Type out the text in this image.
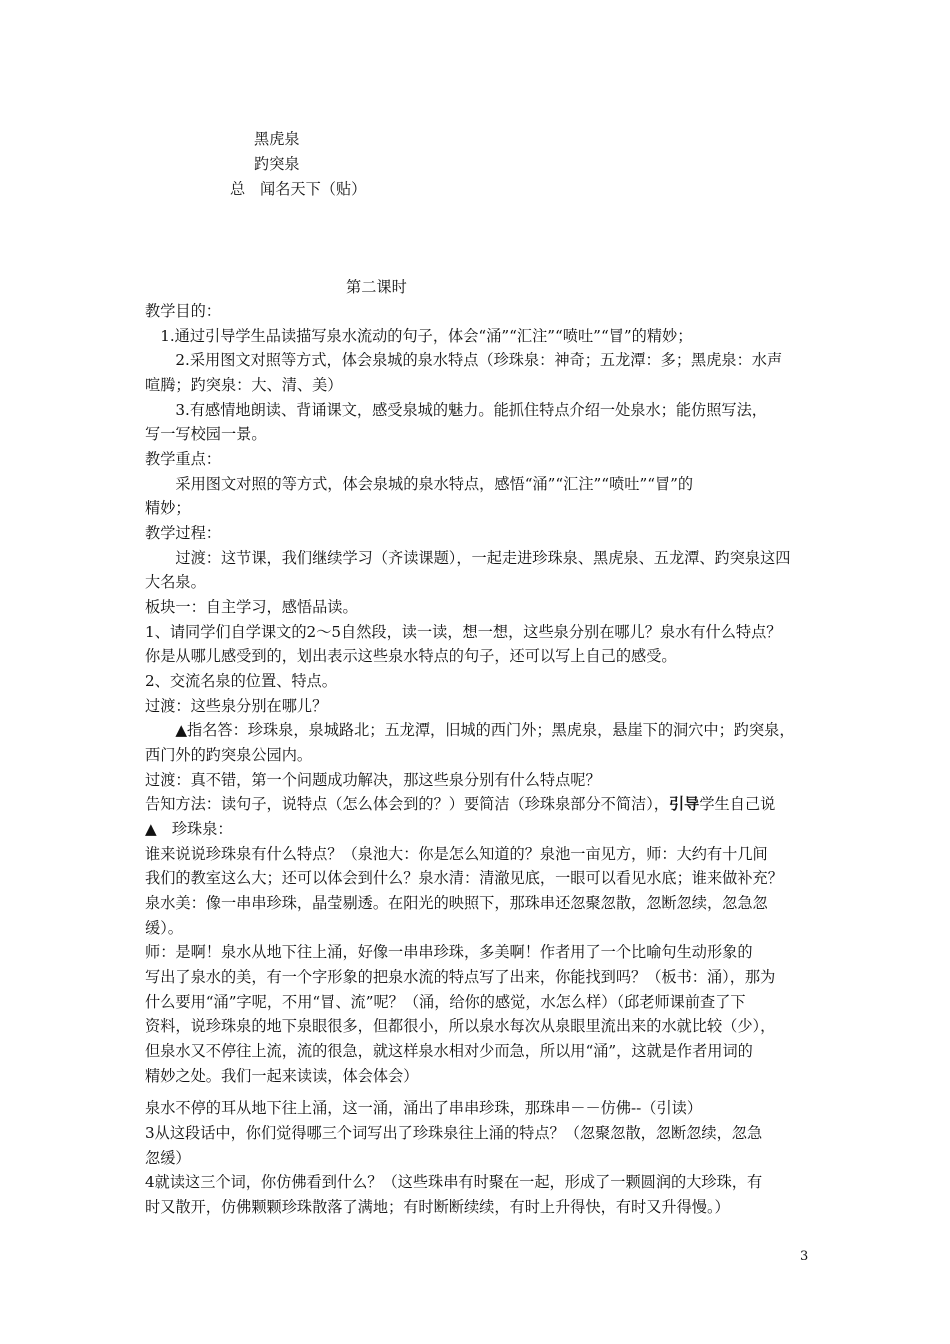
黑虎泉
趵突泉
总 闻名天下（贴）
第二课时
教学目的：
　1.通过引导学生品读描写泉水流动的句子，体会“涌”“汇注”“喷吐”“冒”的精妙；
　　2.采用图文对照等方式，体会泉城的泉水特点（珍珠泉：神奇；五龙潭：多；黑虎泉：水声
喧腾；趵突泉：大、清、美）
　　3.有感情地朗读、背诵课文，感受泉城的魅力。能抓住特点介绍一处泉水；能仿照写法，
写一写校园一景。
教学重点：
　　采用图文对照的等方式，体会泉城的泉水特点，感悟“涌”“汇注”“喷吐”“冒”的
精妙；
教学过程：
　　过渡：这节课，我们继续学习（齐读课题），一起走进珍珠泉、黑虎泉、五龙潭、趵突泉这四
大名泉。
板块一：自主学习，感悟品读。
1、请同学们自学课文的2～5自然段，读一读，想一想，这些泉分别在哪儿？泉水有什么特点？
你是从哪儿感受到的，划出表示这些泉水特点的句子，还可以写上自己的感受。
2、交流名泉的位置、特点。
过渡：这些泉分别在哪儿？
　　▲指名答：珍珠泉，泉城路北；五龙潭，旧城的西门外；黑虎泉，悬崖下的洞穴中；趵突泉，
西门外的趵突泉公园内。
过渡：真不错，第一个问题成功解决，那这些泉分别有什么特点呢？
告知方法：读句子，说特点（怎么体会到的？）要简洁（珍珠泉部分不简洁），引导学生自己说
▲　珍珠泉：
谁来说说珍珠泉有什么特点？（泉池大：你是怎么知道的？泉池一亩见方，师：大约有十几间
我们的教室这么大；还可以体会到什么？泉水清：清澈见底，一眼可以看见水底；谁来做补充？
泉水美：像一串串珍珠，晶莹剔透。在阳光的映照下，那珠串还忽聚忽散，忽断忽续，忽急忽
缓）。
师：是啊！泉水从地下往上涌，好像一串串珍珠，多美啊！作者用了一个比喻句生动形象的
写出了泉水的美，有一个字形象的把泉水流的特点写了出来，你能找到吗？（板书：涌），那为
什么要用“涌”字呢，不用“冒、流”呢？（涌，给你的感觉，水怎么样）（邱老师课前查了下
资料，说珍珠泉的地下泉眼很多，但都很小，所以泉水每次从泉眼里流出来的水就比较（少），
但泉水又不停往上流，流的很急，就这样泉水相对少而急，所以用“涌”，这就是作者用词的
精妙之处。我们一起来读读，体会体会）
泉水不停的耳从地下往上涌，这一涌，涌出了串串珍珠，那珠串－－仿佛--（引读）
3从这段话中，你们觉得哪三个词写出了珍珠泉往上涌的特点？（忽聚忽散，忽断忽续，忽急
忽缓）
4就读这三个词，你仿佛看到什么？（这些珠串有时聚在一起，形成了一颗圆润的大珍珠，有
时又散开，仿佛颗颗珍珠散落了满地；有时断断续续，有时上升得快，有时又升得慢。）
3
